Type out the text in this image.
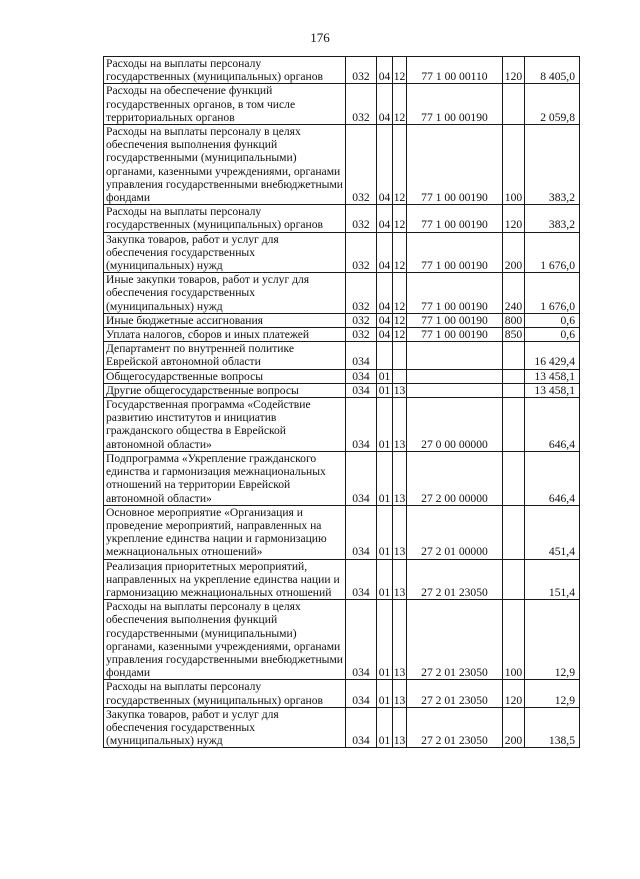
176
Расходы на выплаты персоналу государственных (муниципальных) органов	032	04	12	77 1 00 00110	120	8 405,0
Расходы на обеспечение функций государственных органов, в том числе территориальных органов	032	04	12	77 1 00 00190		2 059,8
Расходы на выплаты персоналу в целях обеспечения выполнения функций государственными (муниципальными) органами, казенными учреждениями, органами управления государственными внебюджетными фондами	032	04	12	77 1 00 00190	100	383,2
Расходы на выплаты персоналу государственных (муниципальных) органов	032	04	12	77 1 00 00190	120	383,2
Закупка товаров, работ и услуг для обеспечения государственных (муниципальных) нужд	032	04	12	77 1 00 00190	200	1 676,0
Иные закупки товаров, работ и услуг для обеспечения государственных (муниципальных) нужд	032	04	12	77 1 00 00190	240	1 676,0
Иные бюджетные ассигнования	032	04	12	77 1 00 00190	800	0,6
Уплата налогов, сборов и иных платежей	032	04	12	77 1 00 00190	850	0,6
Департамент по внутренней политике Еврейской автономной области	034					16 429,4
Общегосударственные вопросы	034	01				13 458,1
Другие общегосударственные вопросы	034	01	13			13 458,1
Государственная программа «Содействие развитию институтов и инициатив гражданского общества в Еврейской автономной области»	034	01	13	27 0 00 00000		646,4
Подпрограмма «Укрепление гражданского единства и гармонизация межнациональных отношений на территории Еврейской автономной области»	034	01	13	27 2 00 00000		646,4
Основное мероприятие «Организация и проведение мероприятий, направленных на укрепление единства нации и гармонизацию межнациональных отношений»	034	01	13	27 2 01 00000		451,4
Реализация приоритетных мероприятий, направленных на укрепление единства нации и гармонизацию межнациональных отношений	034	01	13	27 2 01 23050		151,4
Расходы на выплаты персоналу в целях обеспечения выполнения функций государственными (муниципальными) органами, казенными учреждениями, органами управления государственными внебюджетными фондами	034	01	13	27 2 01 23050	100	12,9
Расходы на выплаты персоналу государственных (муниципальных) органов	034	01	13	27 2 01 23050	120	12,9
Закупка товаров, работ и услуг для обеспечения государственных (муниципальных) нужд	034	01	13	27 2 01 23050	200	138,5
